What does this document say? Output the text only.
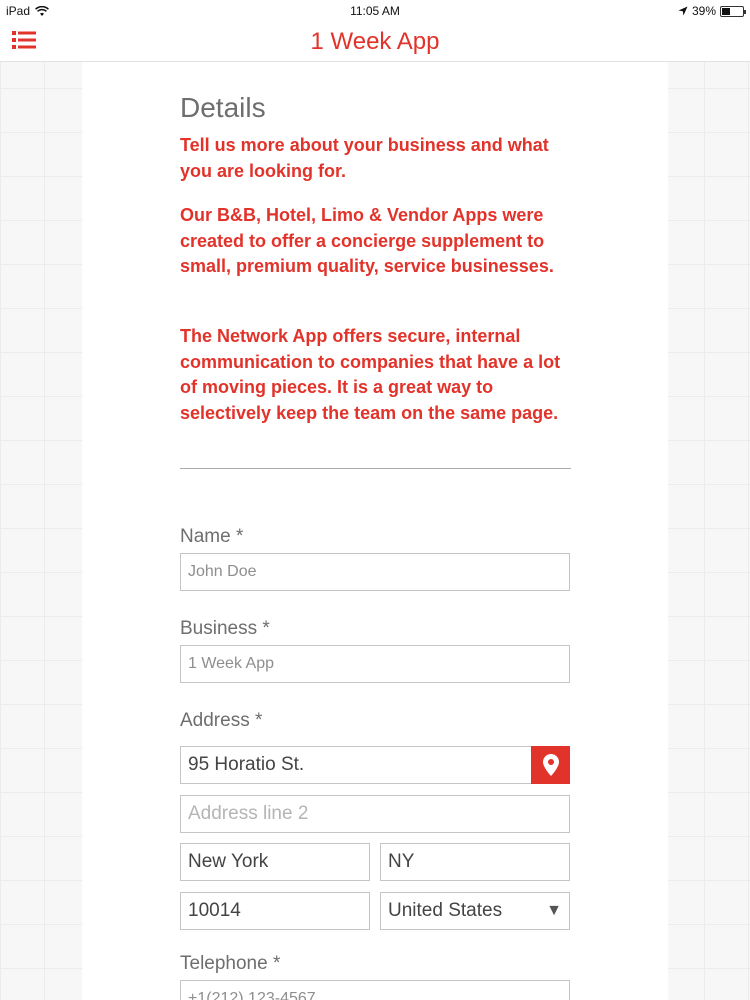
iPad	11:05 AM	39%
1 Week App
Details
Tell us more about your business and what you are looking for.
Our B&B, Hotel, Limo & Vendor Apps were created to offer a concierge supplement to small, premium quality, service businesses.
The Network App offers secure, internal communication to companies that have a lot of moving pieces. It is a great way to selectively keep the team on the same page.
Name *
John Doe
Business *
1 Week App
Address *
95 Horatio St.
Address line 2
New York
NY
10014
United States	▼
Telephone *
+1(212) 123-4567
